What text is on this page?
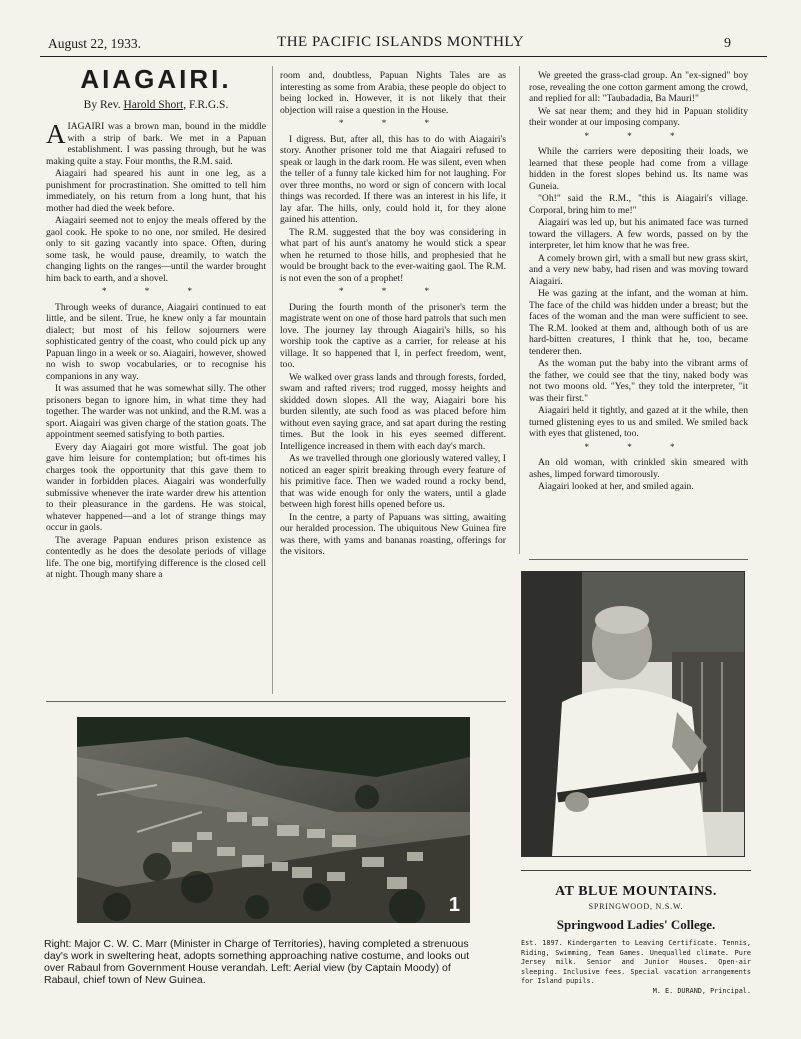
August 22, 1933.	THE PACIFIC ISLANDS MONTHLY	9
AIAGAIRI.
By Rev. Harold Short, F.R.G.S.

AIAGAIRI was a brown man, bound in the middle with a strip of bark. We met in a Papuan establishment. I was passing through, but he was making quite a stay. Four months, the R.M. said.

Aiagairi had speared his aunt in one leg, as a punishment for procrastination. She omitted to tell him immediately, on his return from a long hunt, that his mother had died the week before.

Aiagairi seemed not to enjoy the meals offered by the gaol cook. He spoke to no one, nor smiled. He desired only to sit gazing vacantly into space. Often, during some task, he would pause, dreamily, to watch the changing lights on the ranges—until the warder brought him back to earth, and a shovel.

* * *

Through weeks of durance, Aiagairi continued to eat little, and be silent. True, he knew only a far mountain dialect; but most of his fellow sojourners were sophisticated gentry of the coast, who could pick up any Papuan lingo in a week or so. Aiagairi, however, showed no wish to swop vocabularies, or to recognise his companions in any way.

It was assumed that he was somewhat silly. The other prisoners began to ignore him, in what time they had together. The warder was not unkind, and the R.M. was a sport. Aiagairi was given charge of the station goats. The appointment seemed satisfying to both parties.

Every day Aiagairi got more wistful. The goat job gave him leisure for contemplation; but oft-times his charges took the opportunity that this gave them to wander in forbidden places. Aiagairi was wonderfully submissive whenever the irate warder drew his attention to their pleasurance in the gardens. He was stoical, whatever happened—and a lot of strange things may occur in gaols.

The average Papuan endures prison existence as contentedly as he does the desolate periods of village life. The one big, mortifying difference is the closed cell at night. Though many share a

room and, doubtless, Papuan Nights Tales are as interesting as some from Arabia, these people do object to being locked in. However, it is not likely that their objection will raise a question in the House.

* * *

I digress. But, after all, this has to do with Aiagairi's story. Another prisoner told me that Aiagairi refused to speak or laugh in the dark room. He was silent, even when the teller of a funny tale kicked him for not laughing. For over three months, no word or sign of concern with local things was recorded. If there was an interest in his life, it lay afar. The hills, only, could hold it, for they alone gained his attention.

The R.M. suggested that the boy was considering in what part of his aunt's anatomy he would stick a spear when he returned to those hills, and prophesied that he would be brought back to the ever-waiting gaol. The R.M. is not even the son of a prophet!

* * *

During the fourth month of the prisoner's term the magistrate went on one of those hard patrols that such men love. The journey lay through Aiagairi's hills, so his worship took the captive as a carrier, for release at his village. It so happened that I, in perfect freedom, went, too.

We walked over grass lands and through forests, forded, swam and rafted rivers; trod rugged, mossy heights and skidded down slopes. All the way, Aiagairi bore his burden silently, ate such food as was placed before him without even saying grace, and sat apart during the resting times. But the look in his eyes seemed different. Intelligence increased in them with each day's march.

As we travelled through one gloriously watered valley, I noticed an eager spirit breaking through every feature of his primitive face. Then we waded round a rocky bend, that was wide enough for only the waters, until a glade between high forest hills opened before us.

In the centre, a party of Papuans was sitting, awaiting our heralded procession. The ubiquitous New Guinea fire was there, with yams and bananas roasting, offerings for the visitors.

We greeted the grass-clad group. An "ex-signed" boy rose, revealing the one cotton garment among the crowd, and replied for all: "Taubadadia, Ba Mauri!"

We sat near them; and they hid in Papuan stolidity their wonder at our imposing company.

* * *

While the carriers were depositing their loads, we learned that these people had come from a village hidden in the forest slopes behind us. Its name was Guneia.

"Oh!" said the R.M., "this is Aiagairi's village. Corporal, bring him to me!"

Aiagairi was led up, but his animated face was turned toward the villagers. A few words, passed on by the interpreter, let him know that he was free.

A comely brown girl, with a small but new grass skirt, and a very new baby, had risen and was moving toward Aiagairi.

He was gazing at the infant, and the woman at him. The face of the child was hidden under a breast; but the faces of the woman and the man were sufficient to see. The R.M. looked at them and, although both of us are hard-bitten creatures, I think that he, too, became tenderer then.

As the woman put the baby into the vibrant arms of the father, we could see that the tiny, naked body was not two moons old. "Yes," they told the interpreter, "it was their first."

Aiagairi held it tightly, and gazed at it the while, then turned glistening eyes to us and smiled. We smiled back with eyes that glistened, too.

* * *

An old woman, with crinkled skin smeared with ashes, limped forward timorously.

Aiagairi looked at her, and smiled again.

1
Right: Major C. W. C. Marr (Minister in Charge of Territories), having completed a strenuous day's work in sweltering heat, adopts something approaching native costume, and looks out over Rabaul from Government House verandah. Left: Aerial view (by Captain Moody) of Rabaul, chief town of New Guinea.
AT BLUE MOUNTAINS.
SPRINGWOOD, N.S.W.
Springwood Ladies' College.
Est. 1897. Kindergarten to Leaving Certificate. Tennis, Riding, Swimming, Team Games. Unequalled climate. Pure Jersey milk. Senior and Junior Houses. Open-air sleeping. Inclusive fees. Special vacation arrangements for Island pupils.
M. E. DURAND, Principal.
